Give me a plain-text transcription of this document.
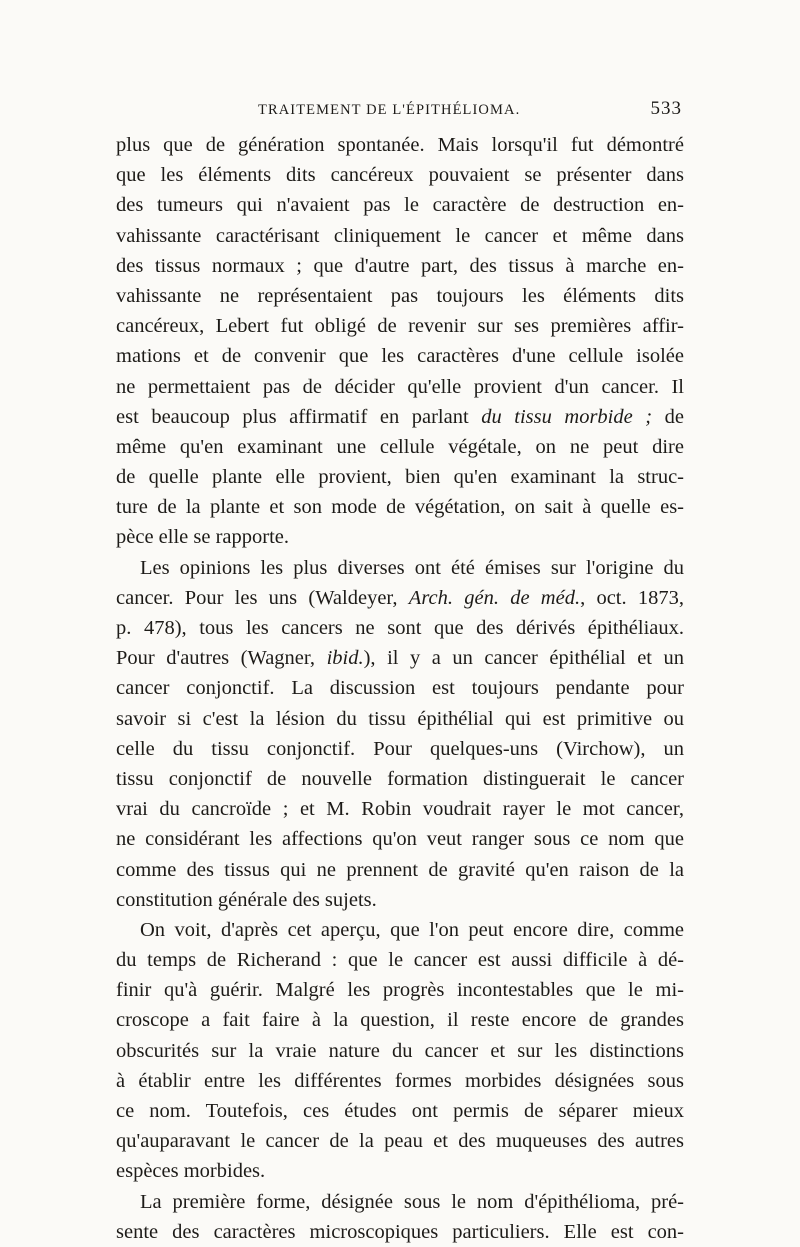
TRAITEMENT DE L'ÉPITHÉLIOMA.	533
plus que de génération spontanée. Mais lorsqu'il fut démontré
que les éléments dits cancéreux pouvaient se présenter dans
des tumeurs qui n'avaient pas le caractère de destruction en-
vahissante caractérisant cliniquement le cancer et même dans
des tissus normaux ; que d'autre part, des tissus à marche en-
vahissante ne représentaient pas toujours les éléments dits
cancéreux, Lebert fut obligé de revenir sur ses premières affir-
mations et de convenir que les caractères d'une cellule isolée
ne permettaient pas de décider qu'elle provient d'un cancer. Il
est beaucoup plus affirmatif en parlant du tissu morbide ; de
même qu'en examinant une cellule végétale, on ne peut dire
de quelle plante elle provient, bien qu'en examinant la struc-
ture de la plante et son mode de végétation, on sait à quelle es-
pèce elle se rapporte.
Les opinions les plus diverses ont été émises sur l'origine du
cancer. Pour les uns (Waldeyer, Arch. gén. de méd., oct. 1873,
p. 478), tous les cancers ne sont que des dérivés épithéliaux.
Pour d'autres (Wagner, ibid.), il y a un cancer épithélial et un
cancer conjonctif. La discussion est toujours pendante pour
savoir si c'est la lésion du tissu épithélial qui est primitive ou
celle du tissu conjonctif. Pour quelques-uns (Virchow), un
tissu conjonctif de nouvelle formation distinguerait le cancer
vrai du cancroïde ; et M. Robin voudrait rayer le mot cancer,
ne considérant les affections qu'on veut ranger sous ce nom que
comme des tissus qui ne prennent de gravité qu'en raison de la
constitution générale des sujets.
On voit, d'après cet aperçu, que l'on peut encore dire, comme
du temps de Richerand : que le cancer est aussi difficile à dé-
finir qu'à guérir. Malgré les progrès incontestables que le mi-
croscope a fait faire à la question, il reste encore de grandes
obscurités sur la vraie nature du cancer et sur les distinctions
à établir entre les différentes formes morbides désignées sous
ce nom. Toutefois, ces études ont permis de séparer mieux
qu'auparavant le cancer de la peau et des muqueuses des autres
espèces morbides.
La première forme, désignée sous le nom d'épithélioma, pré-
sente des caractères microscopiques particuliers. Elle est con-
